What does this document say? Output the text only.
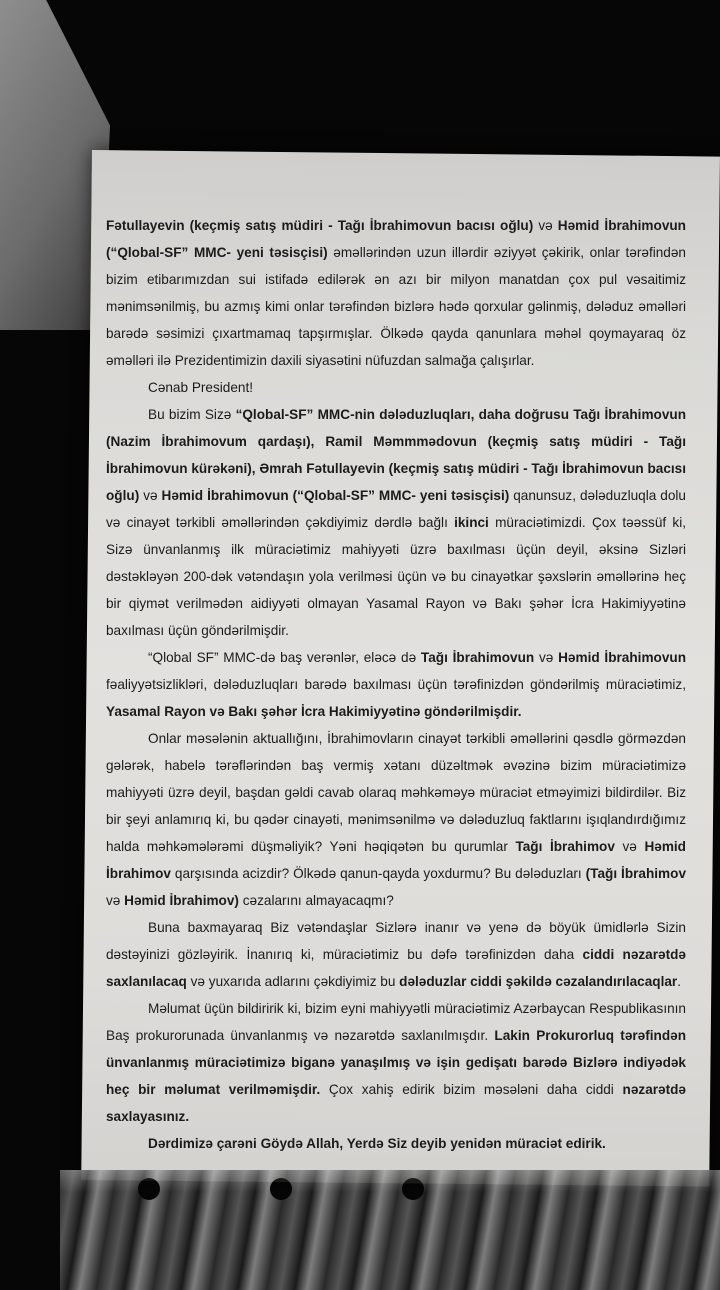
Fətullayevin (keçmiş satış müdiri - Tağı İbrahimovun bacısı oğlu) və Həmid İbrahimovun (“Qlobal-SF” MMC- yeni təsisçisi) əməllərindən uzun illərdir əziyyət çəkirik, onlar tərəfindən bizim etibarımızdan sui istifadə edilərək ən azı bir milyon manatdan çox pul vəsaitimiz mənimsənilmiş, bu azmış kimi onlar tərəfindən bizlərə hədə qorxular gəlinmiş, dələduz əməlləri barədə səsimizi çıxartmamaq tapşırmışlar. Ölkədə qayda qanunlara məhəl qoymayaraq öz əməlləri ilə Prezidentimizin daxili siyasətini nüfuzdan salmağa çalışırlar.

Cənab President!

Bu bizim Sizə “Qlobal-SF” MMC-nin dələduzluqları, daha doğrusu Tağı İbrahimovun (Nazim İbrahimovum qardaşı), Ramil Məmmmədovun (keçmiş satış müdiri - Tağı İbrahimovun kürəkəni), Əmrah Fətullayevin (keçmiş satış müdiri - Tağı İbrahimovun bacısı oğlu) və Həmid İbrahimovun (“Qlobal-SF” MMC- yeni təsisçisi) qanunsuz, dələduzluqla dolu və cinayət tərkibli əməllərindən çəkdiyimiz dərdlə bağlı ikinci müraciətimizdi. Çox təəssüf ki, Sizə ünvanlanmış ilk müraciətimiz mahiyyəti üzrə baxılması üçün deyil, əksinə Sizləri dəstəkləyən 200-dək vətəndaşın yola verilməsi üçün və bu cinayətkar şəxslərin əməllərinə heç bir qiymət verilmədən aidiyyəti olmayan Yasamal Rayon və Bakı şəhər İcra Hakimiyyətinə baxılması üçün göndərilmişdir.

“Qlobal SF” MMC-də baş verənlər, eləcə də Tağı İbrahimovun və Həmid İbrahimovun fəaliyyətsizlikləri, dələduzluqları barədə baxılması üçün tərəfinizdən göndərilmiş müraciətimiz, Yasamal Rayon və Bakı şəhər İcra Hakimiyyətinə göndərilmişdir.

Onlar məsələnin aktuallığını, İbrahimovların cinayət tərkibli əməllərini qəsdlə görməzdən gələrək, habelə tərəflərindən baş vermiş xətanı düzəltmək əvəzinə bizim müraciətimizə mahiyyəti üzrə deyil, başdan gəldi cavab olaraq məhkəməyə müraciət etməyimizi bildirdilər. Biz bir şeyi anlamırıq ki, bu qədər cinayəti, mənimsənilmə və dələduzluq faktlarını işıqlandırdığımız halda məhkəmələrəmi düşməliyik? Yəni həqiqətən bu qurumlar Tağı İbrahimov və Həmid İbrahimov qarşısında acizdir? Ölkədə qanun-qayda yoxdurmu? Bu dələduzları (Tağı İbrahimov və Həmid İbrahimov) cəzalarını almayacaqmı?

Buna baxmayaraq Biz vətəndaşlar Sizlərə inanır və yenə də böyük ümidlərlə Sizin dəstəyinizi gözləyirik. İnanırıq ki, müraciətimiz bu dəfə tərəfinizdən daha ciddi nəzarətdə saxlanılacaq və yuxarıda adlarını çəkdiyimiz bu dələduzlar ciddi şəkildə cəzalandırılacaqlar.

Məlumat üçün bildiririk ki, bizim eyni mahiyyətli müraciətimiz Azərbaycan Respublikasının Baş prokurorunada ünvanlanmış və nəzarətdə saxlanılmışdır. Lakin Prokurorluq tərəfindən ünvanlanmış müraciətimizə biganə yanaşılmış və işin gedişatı barədə Bizlərə indiyədək heç bir məlumat verilməmişdir. Çox xahiş edirik bizim məsələni daha ciddi nəzarətdə saxlayasınız.

Dərdimizə çarəni Göydə Allah, Yerdə Siz deyib yenidən müraciət edirik.
